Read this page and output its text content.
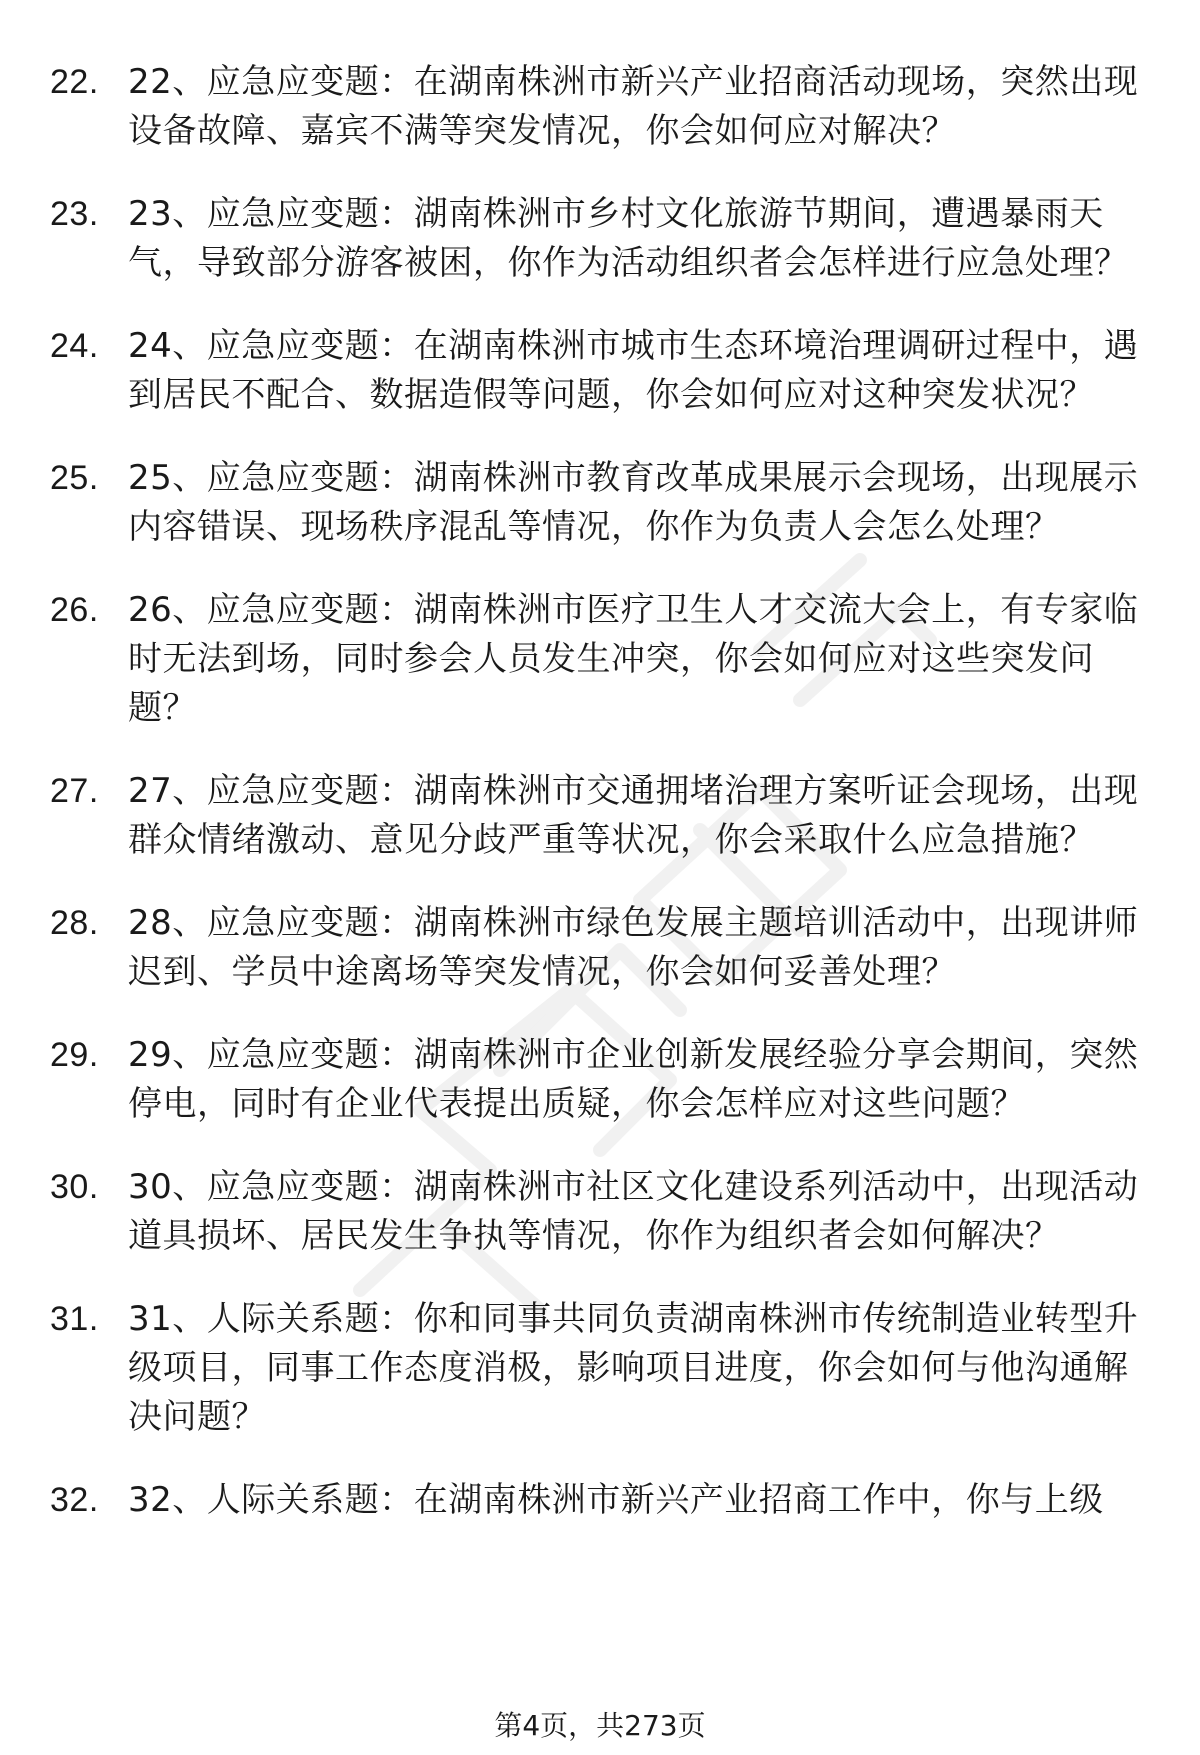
22. 22、应急应变题：在湖南株洲市新兴产业招商活动现场，突然出现设备故障、嘉宾不满等突发情况，你会如何应对解决？
23. 23、应急应变题：湖南株洲市乡村文化旅游节期间，遭遇暴雨天气，导致部分游客被困，你作为活动组织者会怎样进行应急处理？
24. 24、应急应变题：在湖南株洲市城市生态环境治理调研过程中，遇到居民不配合、数据造假等问题，你会如何应对这种突发状况？
25. 25、应急应变题：湖南株洲市教育改革成果展示会现场，出现展示内容错误、现场秩序混乱等情况，你作为负责人会怎么处理？
26. 26、应急应变题：湖南株洲市医疗卫生人才交流大会上，有专家临时无法到场，同时参会人员发生冲突，你会如何应对这些突发问题？
27. 27、应急应变题：湖南株洲市交通拥堵治理方案听证会现场，出现群众情绪激动、意见分歧严重等状况，你会采取什么应急措施？
28. 28、应急应变题：湖南株洲市绿色发展主题培训活动中，出现讲师迟到、学员中途离场等突发情况，你会如何妥善处理？
29. 29、应急应变题：湖南株洲市企业创新发展经验分享会期间，突然停电，同时有企业代表提出质疑，你会怎样应对这些问题？
30. 30、应急应变题：湖南株洲市社区文化建设系列活动中，出现活动道具损坏、居民发生争执等情况，你作为组织者会如何解决？
31. 31、人际关系题：你和同事共同负责湖南株洲市传统制造业转型升级项目，同事工作态度消极，影响项目进度，你会如何与他沟通解决问题？
32. 32、人际关系题：在湖南株洲市新兴产业招商工作中，你与上级
第4页，共273页
